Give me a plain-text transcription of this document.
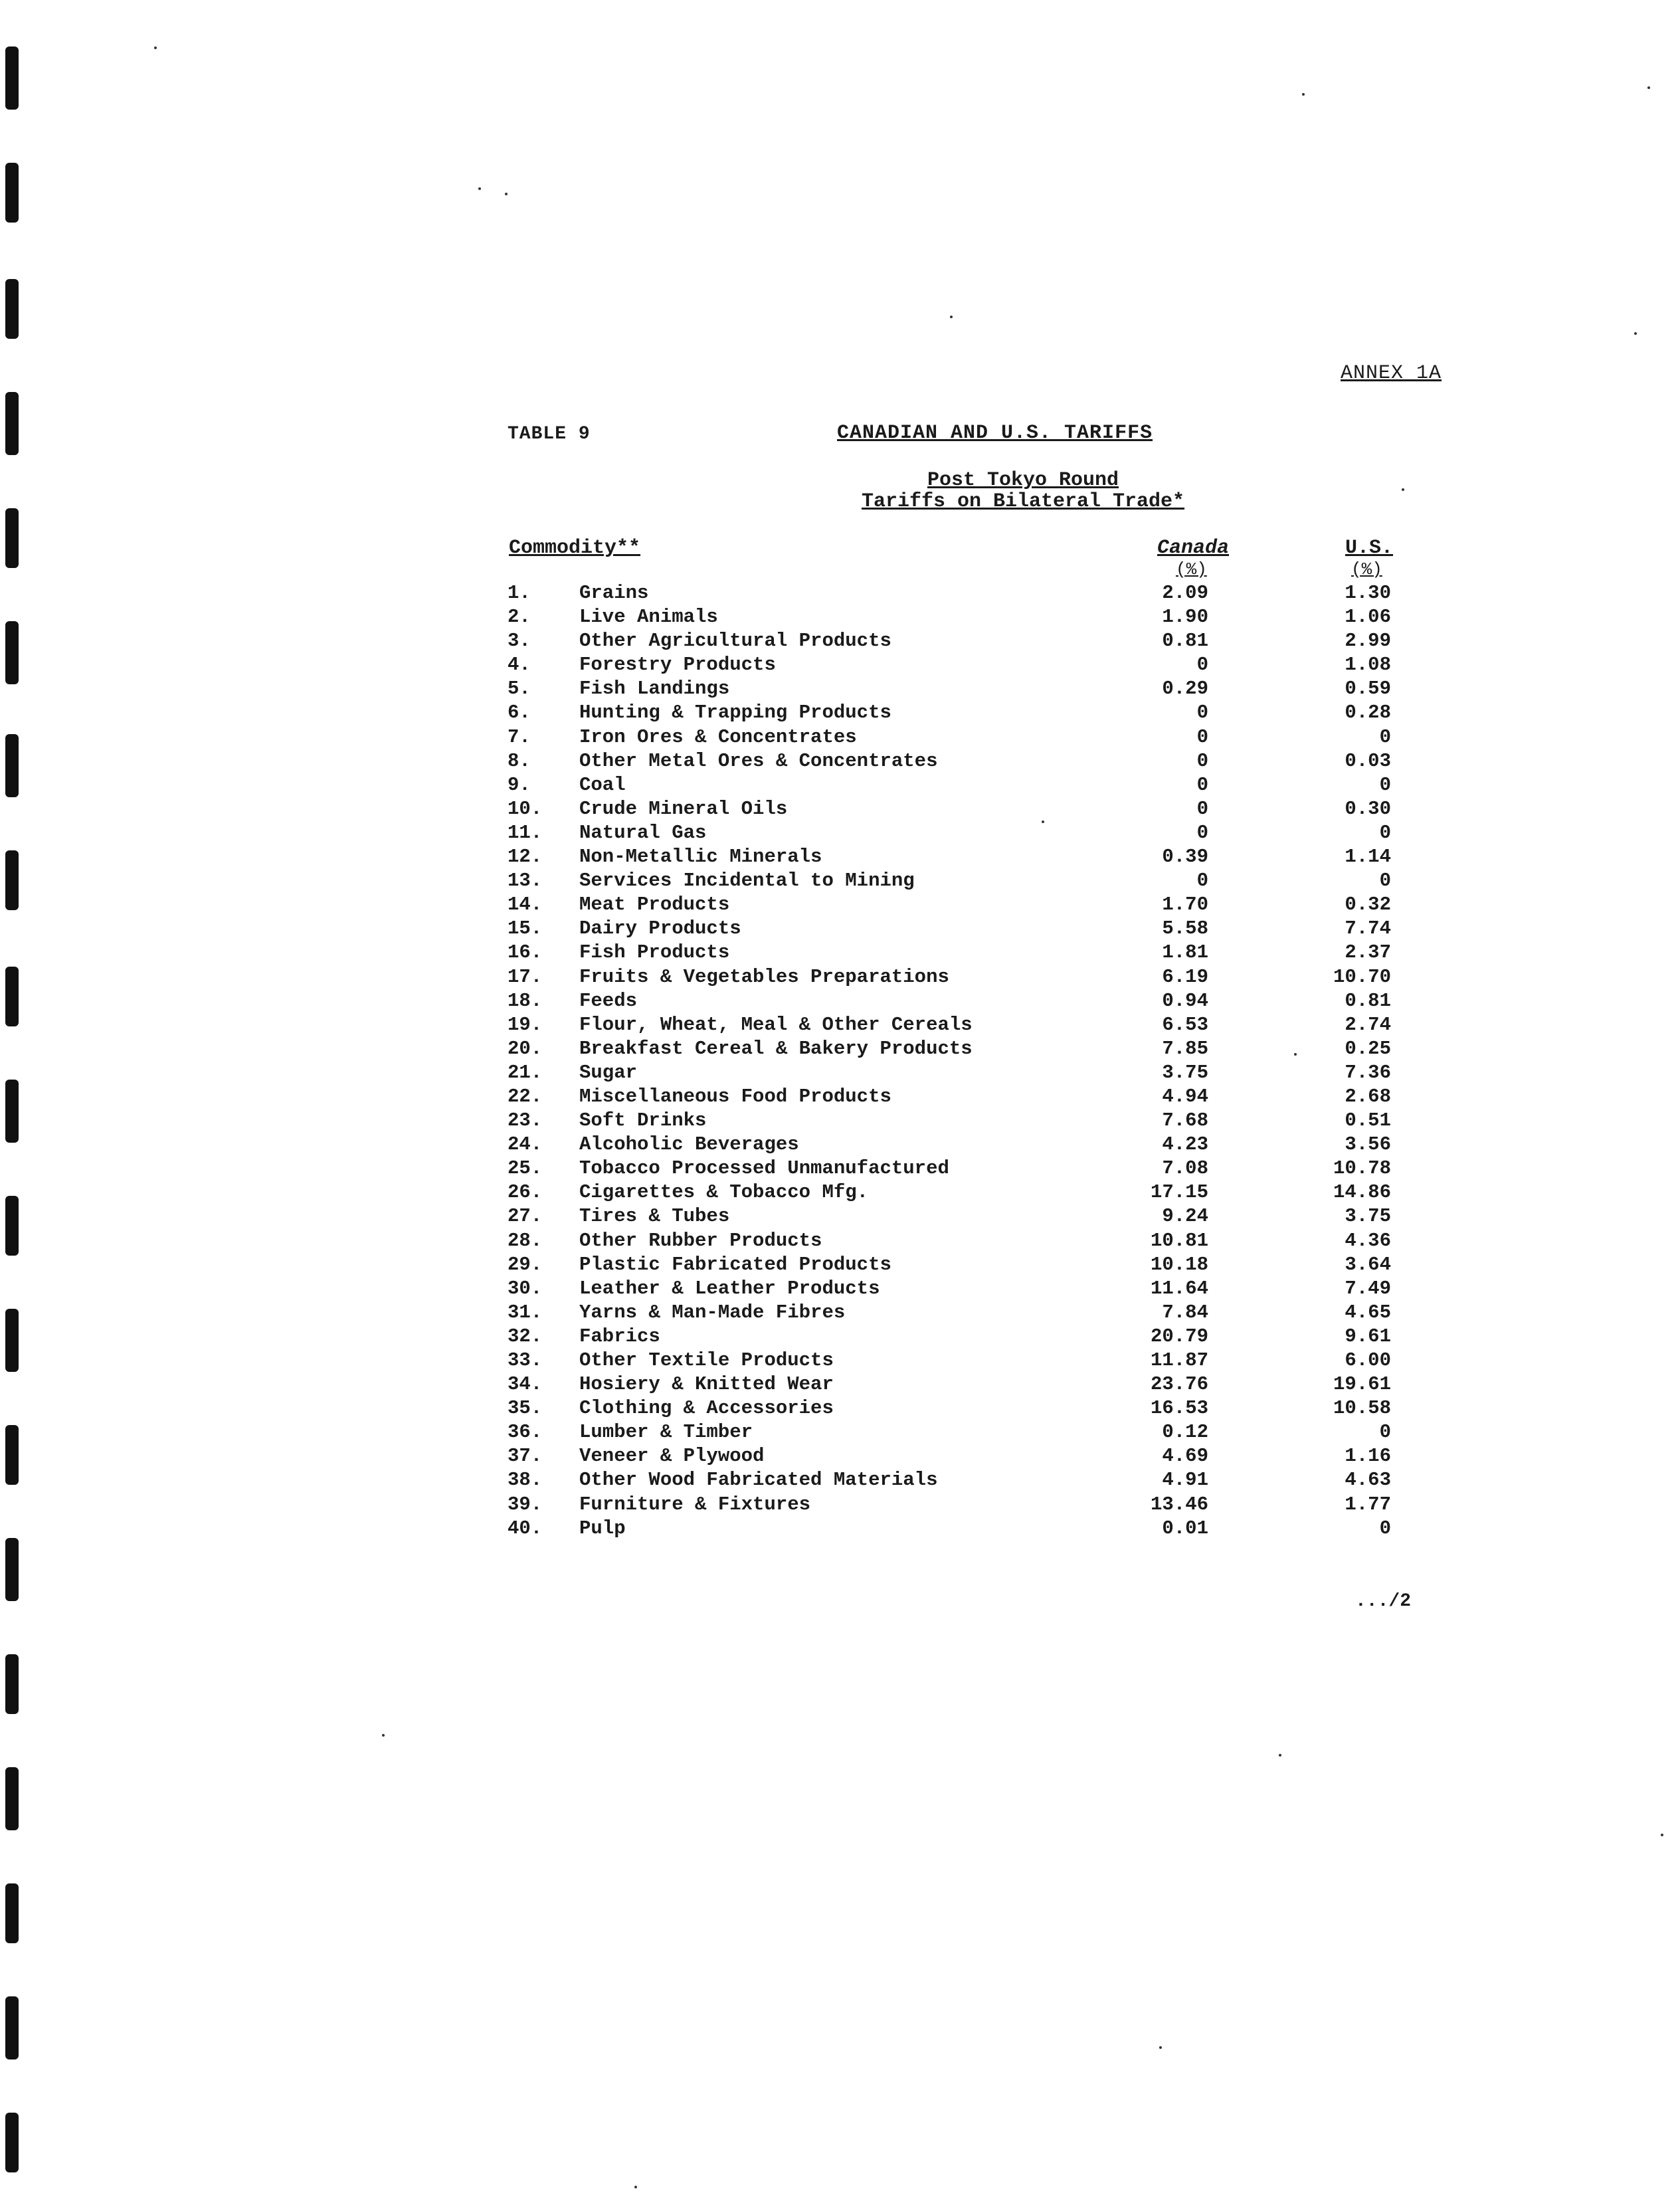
ANNEX 1A
TABLE 9	CANADIAN AND U.S. TARIFFS
Post Tokyo Round
Tariffs on Bilateral Trade*
Commodity**	Canada	U.S.
(%)	(%)
1.	Grains	2.09	1.30
2.	Live Animals	1.90	1.06
3.	Other Agricultural Products	0.81	2.99
4.	Forestry Products	0	1.08
5.	Fish Landings	0.29	0.59
6.	Hunting & Trapping Products	0	0.28
7.	Iron Ores & Concentrates	0	0
8.	Other Metal Ores & Concentrates	0	0.03
9.	Coal	0	0
10.	Crude Mineral Oils	0	0.30
11.	Natural Gas	0	0
12.	Non-Metallic Minerals	0.39	1.14
13.	Services Incidental to Mining	0	0
14.	Meat Products	1.70	0.32
15.	Dairy Products	5.58	7.74
16.	Fish Products	1.81	2.37
17.	Fruits & Vegetables Preparations	6.19	10.70
18.	Feeds	0.94	0.81
19.	Flour, Wheat, Meal & Other Cereals	6.53	2.74
20.	Breakfast Cereal & Bakery Products	7.85	0.25
21.	Sugar	3.75	7.36
22.	Miscellaneous Food Products	4.94	2.68
23.	Soft Drinks	7.68	0.51
24.	Alcoholic Beverages	4.23	3.56
25.	Tobacco Processed Unmanufactured	7.08	10.78
26.	Cigarettes & Tobacco Mfg.	17.15	14.86
27.	Tires & Tubes	9.24	3.75
28.	Other Rubber Products	10.81	4.36
29.	Plastic Fabricated Products	10.18	3.64
30.	Leather & Leather Products	11.64	7.49
31.	Yarns & Man-Made Fibres	7.84	4.65
32.	Fabrics	20.79	9.61
33.	Other Textile Products	11.87	6.00
34.	Hosiery & Knitted Wear	23.76	19.61
35.	Clothing & Accessories	16.53	10.58
36.	Lumber & Timber	0.12	0
37.	Veneer & Plywood	4.69	1.16
38.	Other Wood Fabricated Materials	4.91	4.63
39.	Furniture & Fixtures	13.46	1.77
40.	Pulp	0.01	0
.../2
